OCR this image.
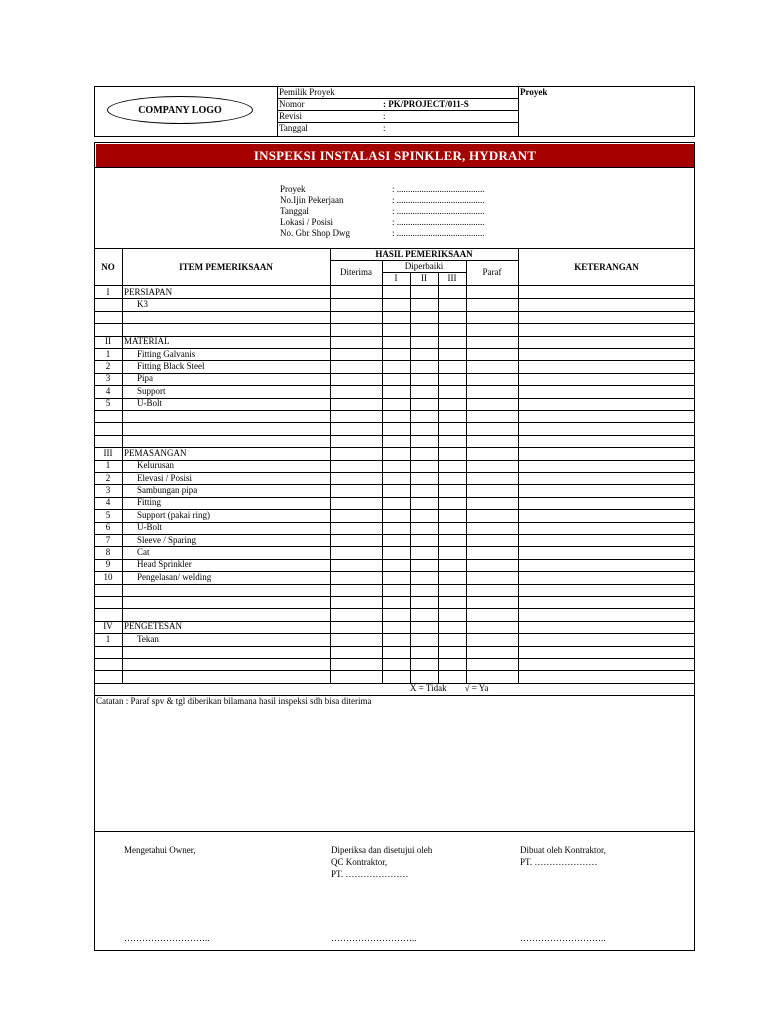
COMPANY LOGO
Pemilik Proyek
Nomor	: PK/PROJECT/011-S
Revisi	:
Tanggal	:
Proyek
INSPEKSI INSTALASI SPINKLER, HYDRANT
Proyek	: .......................................
No.Ijin Pekerjaan	: .......................................
Tanggal	: .......................................
Lokasi / Posisi	: .......................................
No. Gbr Shop Dwg	: .......................................
NO	ITEM PEMERIKSAAN
HASIL PEMERIKSAAN
Diterima
Diperbaiki
I	II	III
Paraf	KETERANGAN
I	PERSIAPAN
K3
II	MATERIAL
1	Fitting Galvanis
2	Fitting Black Steel
3	Pipa
4	Support
5	U-Bolt
III	PEMASANGAN
1	Kelurusan
2	Elevasi / Posisi
3	Sambungan pipa
4	Fitting
5	Support (pakai ring)
6	U-Bolt
7	Sleeve / Sparing
8	Cat
9	Head Sprinkler
10	Pengelasan/ welding
IV	PENGETESAN
1	Tekan
X = Tidak        √ = Ya
Catatan : Paraf spv & tgl diberikan bilamana hasil inspeksi sdh bisa diterima
Mengetahui Owner,
………………………..
Diperiksa dan disetujui oleh
QC Kontraktor,
PT. …………………
………………………..
Dibuat oleh Kontraktor,
PT. …………………
………………………..
